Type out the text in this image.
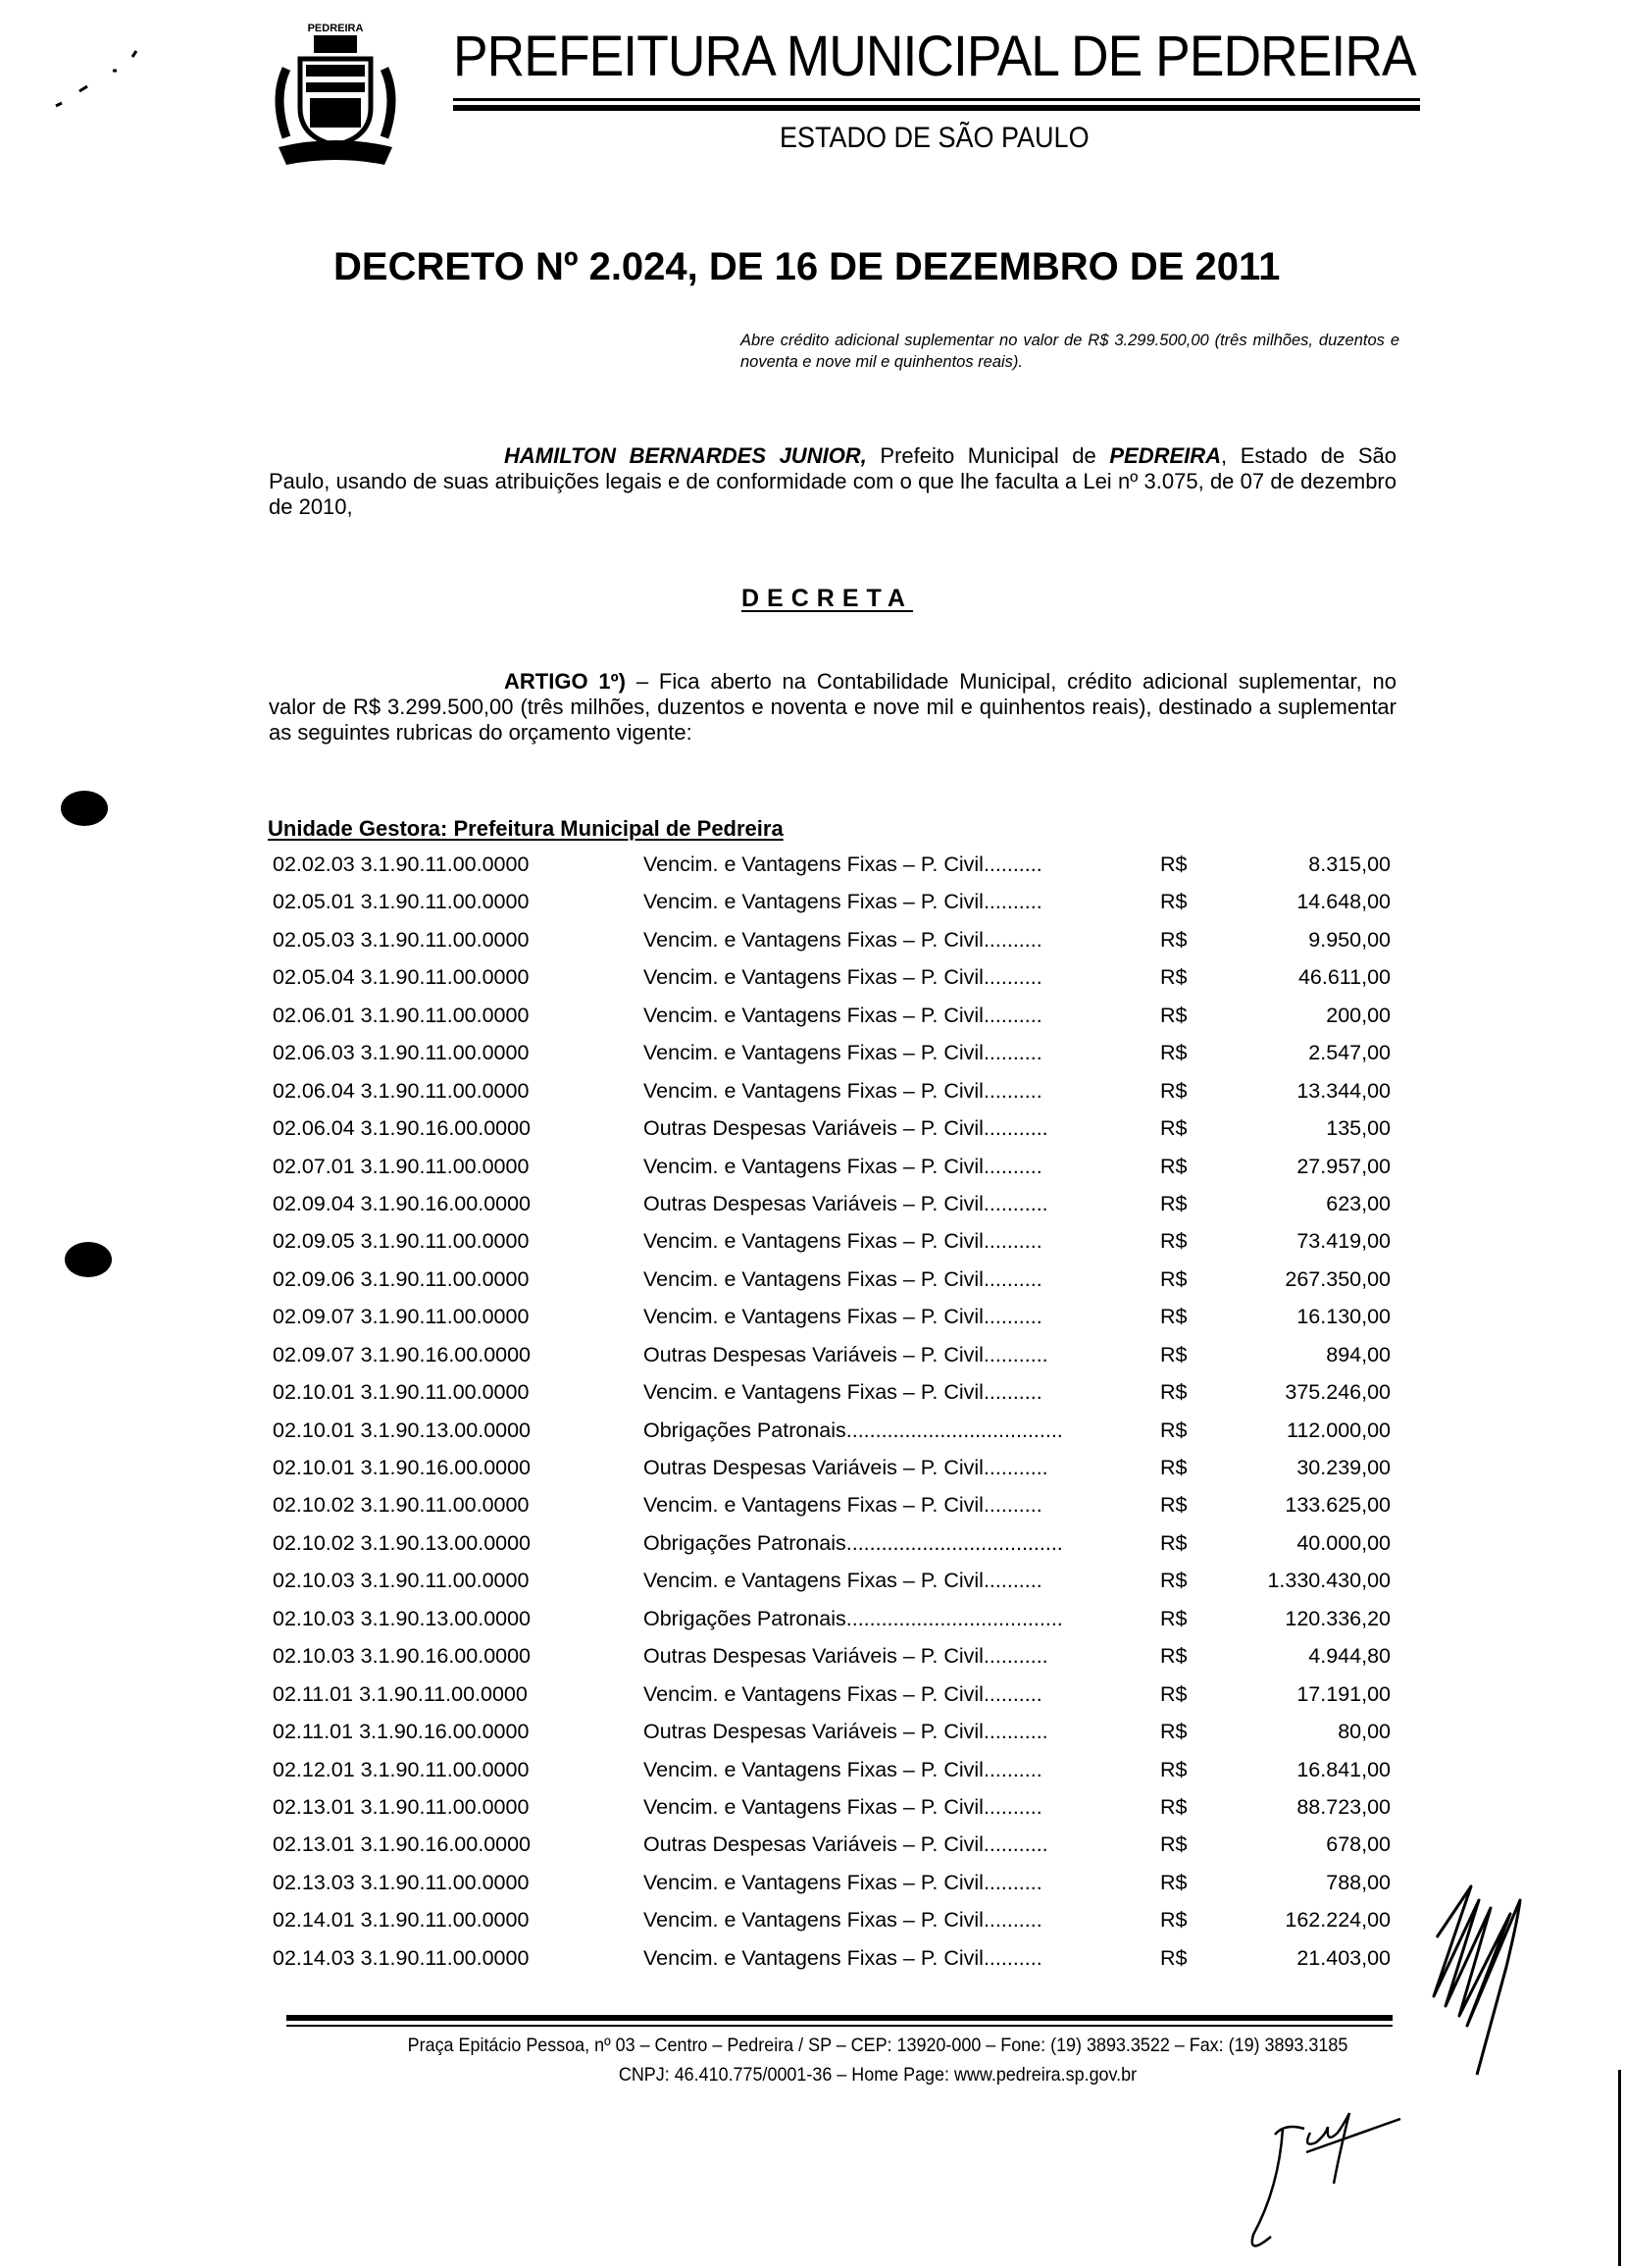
PEDREIRA PREFEITURA MUNICIPAL DE PEDREIRA
ESTADO DE SÃO PAULO
DECRETO Nº 2.024, DE 16 DE DEZEMBRO DE 2011
Abre crédito adicional suplementar no valor de R$ 3.299.500,00 (três milhões, duzentos e noventa e nove mil e quinhentos reais).
HAMILTON BERNARDES JUNIOR, Prefeito Municipal de PEDREIRA, Estado de São Paulo, usando de suas atribuições legais e de conformidade com o que lhe faculta a Lei nº 3.075, de 07 de dezembro de 2010,
DECRETA
ARTIGO 1º) – Fica aberto na Contabilidade Municipal, crédito adicional suplementar, no valor de R$ 3.299.500,00 (três milhões, duzentos e noventa e nove mil e quinhentos reais), destinado a suplementar as seguintes rubricas do orçamento vigente:
Unidade Gestora: Prefeitura Municipal de Pedreira
02.02.03 3.1.90.11.00.0000	Vencim. e Vantagens Fixas – P. Civil..........	R$	8.315,00
02.05.01 3.1.90.11.00.0000	Vencim. e Vantagens Fixas – P. Civil..........	R$	14.648,00
02.05.03 3.1.90.11.00.0000	Vencim. e Vantagens Fixas – P. Civil..........	R$	9.950,00
02.05.04 3.1.90.11.00.0000	Vencim. e Vantagens Fixas – P. Civil..........	R$	46.611,00
02.06.01 3.1.90.11.00.0000	Vencim. e Vantagens Fixas – P. Civil..........	R$	200,00
02.06.03 3.1.90.11.00.0000	Vencim. e Vantagens Fixas – P. Civil..........	R$	2.547,00
02.06.04 3.1.90.11.00.0000	Vencim. e Vantagens Fixas – P. Civil..........	R$	13.344,00
02.06.04 3.1.90.16.00.0000	Outras Despesas Variáveis – P. Civil...........	R$	135,00
02.07.01 3.1.90.11.00.0000	Vencim. e Vantagens Fixas – P. Civil..........	R$	27.957,00
02.09.04 3.1.90.16.00.0000	Outras Despesas Variáveis – P. Civil...........	R$	623,00
02.09.05 3.1.90.11.00.0000	Vencim. e Vantagens Fixas – P. Civil..........	R$	73.419,00
02.09.06 3.1.90.11.00.0000	Vencim. e Vantagens Fixas – P. Civil..........	R$	267.350,00
02.09.07 3.1.90.11.00.0000	Vencim. e Vantagens Fixas – P. Civil..........	R$	16.130,00
02.09.07 3.1.90.16.00.0000	Outras Despesas Variáveis – P. Civil...........	R$	894,00
02.10.01 3.1.90.11.00.0000	Vencim. e Vantagens Fixas – P. Civil..........	R$	375.246,00
02.10.01 3.1.90.13.00.0000	Obrigações Patronais.....................................	R$	112.000,00
02.10.01 3.1.90.16.00.0000	Outras Despesas Variáveis – P. Civil...........	R$	30.239,00
02.10.02 3.1.90.11.00.0000	Vencim. e Vantagens Fixas – P. Civil..........	R$	133.625,00
02.10.02 3.1.90.13.00.0000	Obrigações Patronais.....................................	R$	40.000,00
02.10.03 3.1.90.11.00.0000	Vencim. e Vantagens Fixas – P. Civil..........	R$	1.330.430,00
02.10.03 3.1.90.13.00.0000	Obrigações Patronais.....................................	R$	120.336,20
02.10.03 3.1.90.16.00.0000	Outras Despesas Variáveis – P. Civil...........	R$	4.944,80
02.11.01 3.1.90.11.00.0000	Vencim. e Vantagens Fixas – P. Civil..........	R$	17.191,00
02.11.01 3.1.90.16.00.0000	Outras Despesas Variáveis – P. Civil...........	R$	80,00
02.12.01 3.1.90.11.00.0000	Vencim. e Vantagens Fixas – P. Civil..........	R$	16.841,00
02.13.01 3.1.90.11.00.0000	Vencim. e Vantagens Fixas – P. Civil..........	R$	88.723,00
02.13.01 3.1.90.16.00.0000	Outras Despesas Variáveis – P. Civil...........	R$	678,00
02.13.03 3.1.90.11.00.0000	Vencim. e Vantagens Fixas – P. Civil..........	R$	788,00
02.14.01 3.1.90.11.00.0000	Vencim. e Vantagens Fixas – P. Civil..........	R$	162.224,00
02.14.03 3.1.90.11.00.0000	Vencim. e Vantagens Fixas – P. Civil..........	R$	21.403,00
Praça Epitácio Pessoa, nº 03 – Centro – Pedreira / SP – CEP: 13920-000 – Fone: (19) 3893.3522 – Fax: (19) 3893.3185
CNPJ: 46.410.775/0001-36 – Home Page: www.pedreira.sp.gov.br
